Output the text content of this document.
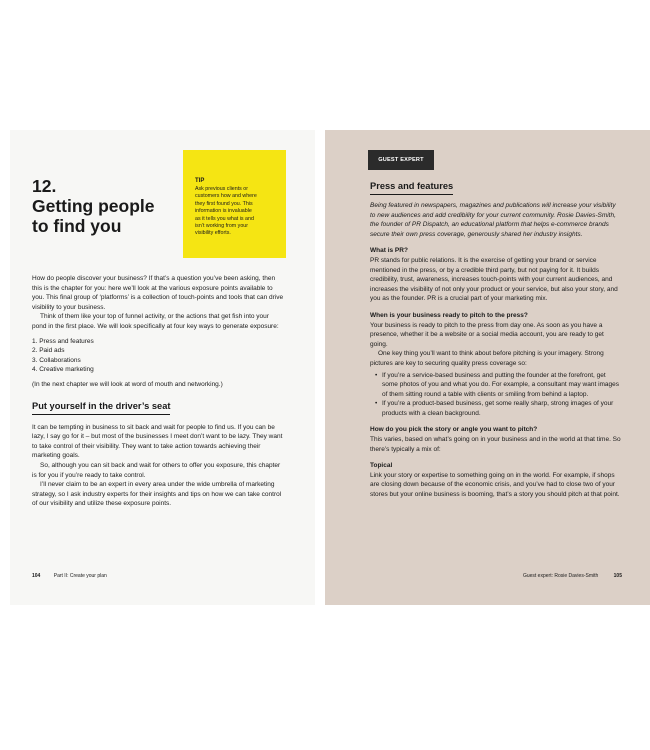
TIP
Ask previous clients or
customers how and where
they first found you. This
information is invaluable
as it tells you what is and
isn’t working from your
visibility efforts.
12.
Getting people
to find you

How do people discover your business? If that’s a question you’ve been asking, then this is the chapter for you: here we’ll look at the various exposure points available to you. This final group of ‘platforms’ is a collection of touch-points and tools that can drive visibility to your business.

Think of them like your top of funnel activity, or the actions that get fish into your pond in the first place. We will look specifically at four key ways to generate exposure:

1. Press and features
2. Paid ads
3. Collaborations
4. Creative marketing

(In the next chapter we will look at word of mouth and networking.)

Put yourself in the driver’s seat

It can be tempting in business to sit back and wait for people to find us. If you can be lazy, I say go for it – but most of the businesses I meet don’t want to be lazy. They want to take control of their visibility. They want to take action towards achieving their marketing goals.

So, although you can sit back and wait for others to offer you exposure, this chapter is for you if you’re ready to take control.

I’ll never claim to be an expert in every area under the wide umbrella of marketing strategy, so I ask industry experts for their insights and tips on how we can take control of our visibility and utilize these exposure points.

104	Part II: Create your plan
GUEST EXPERT
Press and features

Being featured in newspapers, magazines and publications will increase your visibility to new audiences and add credibility for your current community. Rosie Davies-Smith, the founder of PR Dispatch, an educational platform that helps e-commerce brands secure their own press coverage, generously shared her industry insights.

What is PR?

PR stands for public relations. It is the exercise of getting your brand or service mentioned in the press, or by a credible third party, but not paying for it. It builds credibility, trust, awareness, increases touch-points with your current audiences, and increases the visibility of not only your product or your service, but also your story, and you as the founder. PR is a crucial part of your marketing mix.

When is your business ready to pitch to the press?

Your business is ready to pitch to the press from day one. As soon as you have a presence, whether it be a website or a social media account, you are ready to get going.

One key thing you’ll want to think about before pitching is your imagery. Strong pictures are key to securing quality press coverage so:

• If you’re a service-based business and putting the founder at the forefront, get some photos of you and what you do. For example, a consultant may want images of them sitting round a table with clients or smiling from behind a laptop.
• If you’re a product-based business, get some really sharp, strong images of your products with a clean background.

How do you pick the story or angle you want to pitch?

This varies, based on what’s going on in your business and in the world at that time. So there’s typically a mix of:

Topical

Link your story or expertise to something going on in the world. For example, if shops are closing down because of the economic crisis, and you’ve had to close two of your stores but your online business is booming, that’s a story you should pitch at that point.

Guest expert: Rosie Davies-Smith	105
